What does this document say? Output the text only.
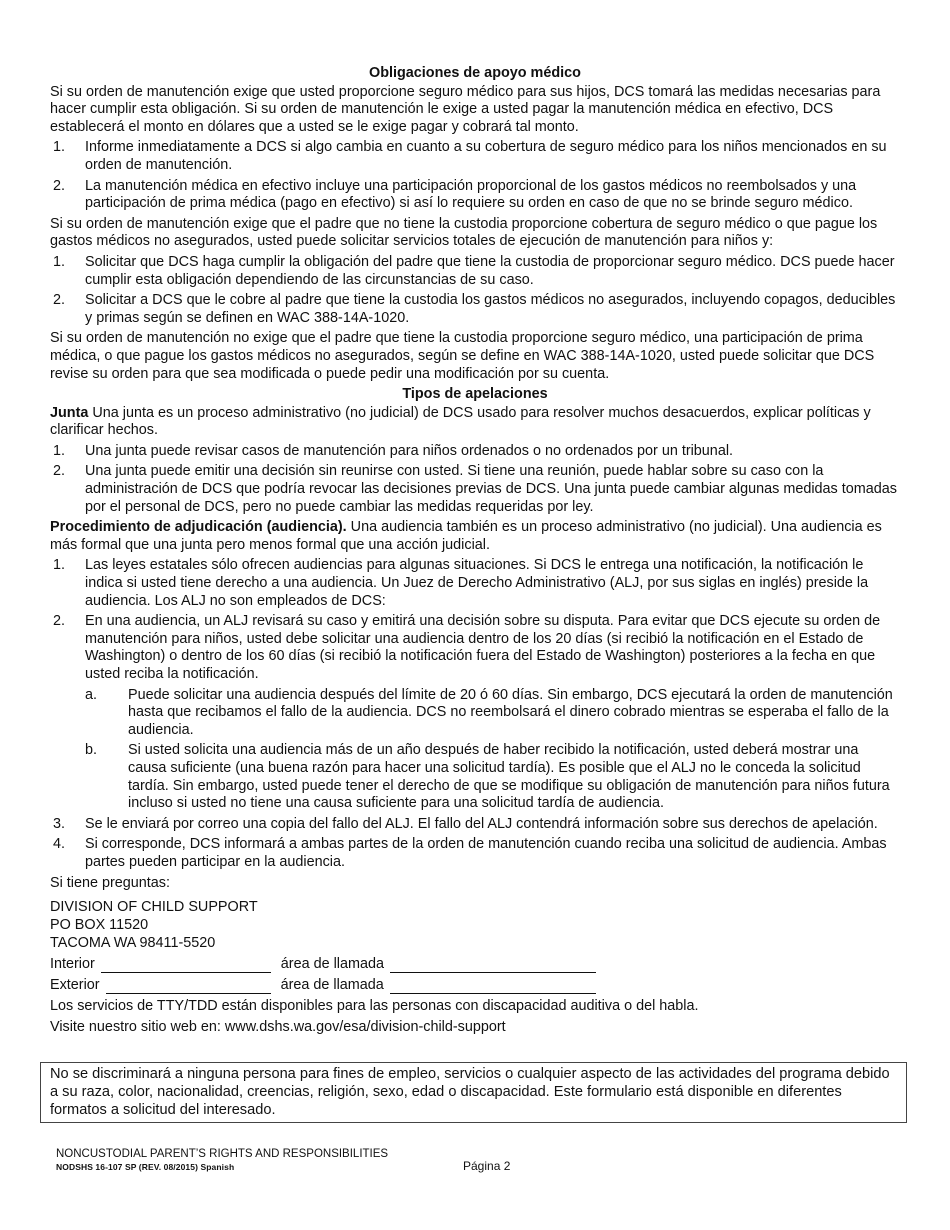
Obligaciones de apoyo médico

Si su orden de manutención exige que usted proporcione seguro médico para sus hijos, DCS tomará las medidas necesarias para hacer cumplir esta obligación. Si su orden de manutención le exige a usted pagar la manutención médica en efectivo, DCS establecerá el monto en dólares que a usted se le exige pagar y cobrará tal monto.

1. Informe inmediatamente a DCS si algo cambia en cuanto a su cobertura de seguro médico para los niños mencionados en su orden de manutención.
2. La manutención médica en efectivo incluye una participación proporcional de los gastos médicos no reembolsados y una participación de prima médica (pago en efectivo) si así lo requiere su orden en caso de que no se brinde seguro médico.

Si su orden de manutención exige que el padre que no tiene la custodia proporcione cobertura de seguro médico o que pague los gastos médicos no asegurados, usted puede solicitar servicios totales de ejecución de manutención para niños y:

1. Solicitar que DCS haga cumplir la obligación del padre que tiene la custodia de proporcionar seguro médico. DCS puede hacer cumplir esta obligación dependiendo de las circunstancias de su caso.
2. Solicitar a DCS que le cobre al padre que tiene la custodia los gastos médicos no asegurados, incluyendo copagos, deducibles y primas según se definen en WAC 388-14A-1020.

Si su orden de manutención no exige que el padre que tiene la custodia proporcione seguro médico, una participación de prima médica, o que pague los gastos médicos no asegurados, según se define en WAC 388-14A-1020, usted puede solicitar que DCS revise su orden para que sea modificada o puede pedir una modificación por su cuenta.

Tipos de apelaciones

Junta Una junta es un proceso administrativo (no judicial) de DCS usado para resolver muchos desacuerdos, explicar políticas y clarificar hechos.

1. Una junta puede revisar casos de manutención para niños ordenados o no ordenados por un tribunal.
2. Una junta puede emitir una decisión sin reunirse con usted. Si tiene una reunión, puede hablar sobre su caso con la administración de DCS que podría revocar las decisiones previas de DCS. Una junta puede cambiar algunas medidas tomadas por el personal de DCS, pero no puede cambiar las medidas requeridas por ley.

Procedimiento de adjudicación (audiencia). Una audiencia también es un proceso administrativo (no judicial). Una audiencia es más formal que una junta pero menos formal que una acción judicial.

1. Las leyes estatales sólo ofrecen audiencias para algunas situaciones. Si DCS le entrega una notificación, la notificación le indica si usted tiene derecho a una audiencia. Un Juez de Derecho Administrativo (ALJ, por sus siglas en inglés) preside la audiencia. Los ALJ no son empleados de DCS:
2. En una audiencia, un ALJ revisará su caso y emitirá una decisión sobre su disputa. Para evitar que DCS ejecute su orden de manutención para niños, usted debe solicitar una audiencia dentro de los 20 días (si recibió la notificación en el Estado de Washington) o dentro de los 60 días (si recibió la notificación fuera del Estado de Washington) posteriores a la fecha en que usted reciba la notificación.
a. Puede solicitar una audiencia después del límite de 20 ó 60 días. Sin embargo, DCS ejecutará la orden de manutención hasta que recibamos el fallo de la audiencia. DCS no reembolsará el dinero cobrado mientras se esperaba el fallo de la audiencia.
b. Si usted solicita una audiencia más de un año después de haber recibido la notificación, usted deberá mostrar una causa suficiente (una buena razón para hacer una solicitud tardía). Es posible que el ALJ no le conceda la solicitud tardía. Sin embargo, usted puede tener el derecho de que se modifique su obligación de manutención para niños futura incluso si usted no tiene una causa suficiente para una solicitud tardía de audiencia.
3. Se le enviará por correo una copia del fallo del ALJ. El fallo del ALJ contendrá información sobre sus derechos de apelación.
4. Si corresponde, DCS informará a ambas partes de la orden de manutención cuando reciba una solicitud de audiencia. Ambas partes pueden participar en la audiencia.

Si tiene preguntas:

DIVISION OF CHILD SUPPORT
PO BOX 11520
TACOMA WA 98411-5520
Interior	área de llamada
Exterior	área de llamada

Los servicios de TTY/TDD están disponibles para las personas con discapacidad auditiva o del habla.

Visite nuestro sitio web en: www.dshs.wa.gov/esa/division-child-support

No se discriminará a ninguna persona para fines de empleo, servicios o cualquier aspecto de las actividades del programa debido a su raza, color, nacionalidad, creencias, religión, sexo, edad o discapacidad. Este formulario está disponible en diferentes formatos a solicitud del interesado.
NONCUSTODIAL PARENT’S RIGHTS AND RESPONSIBILITIES
NODSHS 16-107 SP (REV. 08/2015) Spanish	Página 2
